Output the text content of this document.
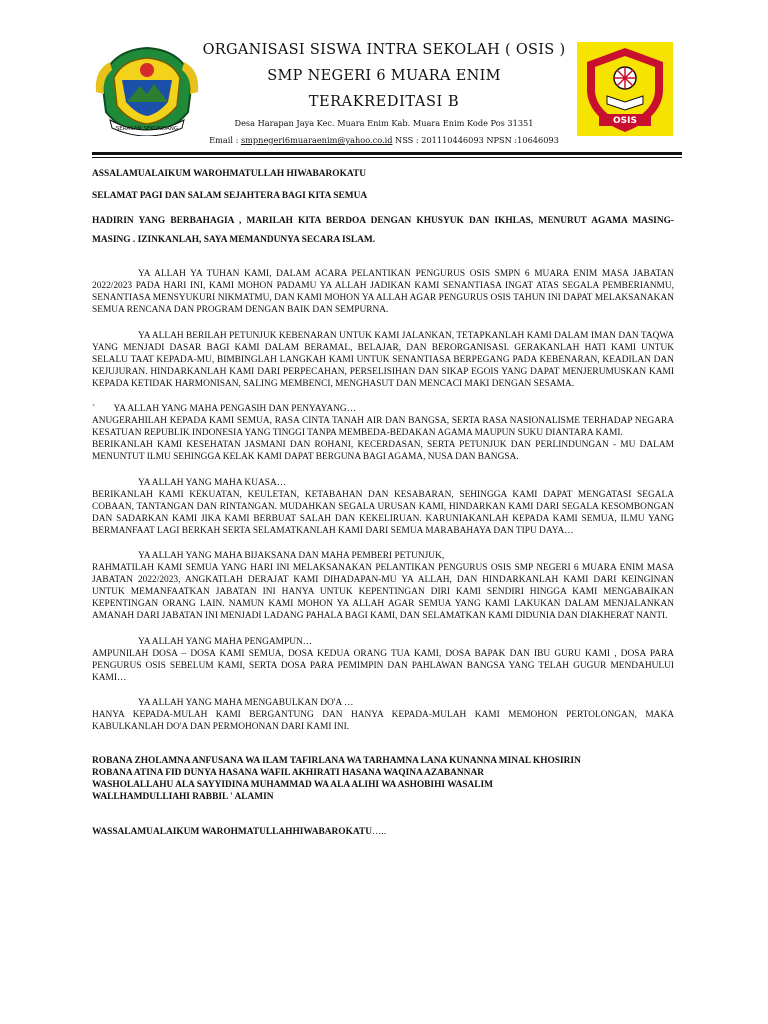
SERASAN SEKUNDANG
ORGANISASI SISWA INTRA SEKOLAH ( OSIS )
SMP NEGERI 6 MUARA ENIM
TERAKREDITASI B
Desa Harapan Jaya Kec. Muara Enim Kab. Muara Enim Kode Pos 31351
Email : smpnegeri6muaraenim@yahoo.co.id NSS : 201110446093 NPSN :10646093
OSIS

ASSALAMUALAIKUM WAROHMATULLAH HIWABAROKATU

SELAMAT PAGI DAN SALAM SEJAHTERA BAGI KITA SEMUA

HADIRIN YANG BERBAHAGIA , MARILAH KITA BERDOA DENGAN KHUSYUK DAN IKHLAS, MENURUT AGAMA MASING- MASING . IZINKANLAH, SAYA MEMANDUNYA SECARA ISLAM.

YA ALLAH YA TUHAN KAMI, DALAM ACARA PELANTIKAN PENGURUS OSIS SMPN 6 MUARA ENIM MASA JABATAN 2022/2023 PADA HARI INI, KAMI MOHON PADAMU YA ALLAH JADIKAN KAMI SENANTIASA INGAT ATAS SEGALA PEMBERIANMU, SENANTIASA MENSYUKURI NIKMATMU, DAN KAMI MOHON YA ALLAH AGAR PENGURUS OSIS TAHUN INI DAPAT MELAKSANAKAN SEMUA RENCANA DAN PROGRAM DENGAN BAIK DAN SEMPURNA.

YA ALLAH BERILAH PETUNJUK KEBENARAN UNTUK KAMI JALANKAN, TETAPKANLAH KAMI DALAM IMAN DAN TAQWA YANG MENJADI DASAR BAGI KAMI DALAM BERAMAL, BELAJAR, DAN BERORGANISASI. GERAKANLAH HATI KAMI UNTUK SELALU TAAT KEPADA-MU, BIMBINGLAH LANGKAH KAMI UNTUK SENANTIASA BERPEGANG PADA KEBENARAN, KEADILAN DAN KEJUJURAN. HINDARKANLAH KAMI DARI PERPECAHAN, PERSELISIHAN DAN SIKAP EGOIS YANG DAPAT MENJERUMUSKAN KAMI KEPADA KETIDAK HARMONISAN, SALING MEMBENCI, MENGHASUT DAN MENCACI MAKI DENGAN SESAMA.

`        YA ALLAH YANG MAHA PENGASIH DAN PENYAYANG…

ANUGERAHILAH KEPADA KAMI SEMUA, RASA CINTA TANAH AIR DAN BANGSA, SERTA RASA NASIONALISME TERHADAP NEGARA KESATUAN REPUBLIK INDONESIA YANG TINGGI TANPA MEMBEDA-BEDAKAN AGAMA MAUPUN SUKU DIANTARA KAMI.

BERIKANLAH KAMI KESEHATAN JASMANI DAN ROHANI, KECERDASAN, SERTA PETUNJUK DAN PERLINDUNGAN - MU DALAM MENUNTUT ILMU SEHINGGA KELAK KAMI DAPAT BERGUNA BAGI AGAMA, NUSA DAN BANGSA.

YA ALLAH YANG MAHA KUASA…

BERIKANLAH KAMI KEKUATAN, KEULETAN, KETABAHAN DAN KESABARAN, SEHINGGA KAMI DAPAT MENGATASI SEGALA COBAAN, TANTANGAN DAN RINTANGAN. MUDAHKAN SEGALA URUSAN KAMI, HINDARKAN KAMI DARI SEGALA KESOMBONGAN DAN SADARKAN KAMI JIKA KAMI BERBUAT SALAH DAN KEKELIRUAN. KARUNIAKANLAH KEPADA KAMI SEMUA, ILMU YANG BERMANFAAT LAGI BERKAH SERTA SELAMATKANLAH KAMI DARI SEMUA MARABAHAYA DAN TIPU DAYA…

YA ALLAH YANG MAHA BIJAKSANA DAN MAHA PEMBERI PETUNJUK,

RAHMATILAH KAMI SEMUA YANG HARI INI MELAKSANAKAN PELANTIKAN PENGURUS OSIS SMP NEGERI 6 MUARA ENIM MASA JABATAN 2022/2023, ANGKATLAH DERAJAT KAMI DIHADAPAN-MU YA ALLAH, DAN HINDARKANLAH KAMI DARI KEINGINAN UNTUK MEMANFAATKAN JABATAN INI HANYA UNTUK KEPENTINGAN DIRI KAMI SENDIRI HINGGA KAMI MENGABAIKAN KEPENTINGAN ORANG LAIN. NAMUN KAMI MOHON YA ALLAH AGAR SEMUA YANG KAMI LAKUKAN DALAM MENJALANKAN AMANAH DARI JABATAN INI MENJADI LADANG PAHALA BAGI KAMI, DAN SELAMATKAN KAMI DIDUNIA DAN DIAKHERAT NANTI.

YA ALLAH YANG MAHA PENGAMPUN…

AMPUNILAH DOSA – DOSA KAMI SEMUA, DOSA KEDUA ORANG TUA KAMI, DOSA BAPAK DAN IBU GURU KAMI , DOSA PARA PENGURUS OSIS SEBELUM KAMI, SERTA DOSA PARA PEMIMPIN DAN PAHLAWAN BANGSA YANG TELAH GUGUR MENDAHULUI KAMI…

YA ALLAH YANG MAHA MENGABULKAN DO'A …

HANYA KEPADA-MULAH KAMI BERGANTUNG DAN HANYA KEPADA-MULAH KAMI MEMOHON PERTOLONGAN, MAKA KABULKANLAH DO'A DAN PERMOHONAN DARI KAMI INI.

ROBANA ZHOLAMNA ANFUSANA WA ILAM TAFIRLANA WA TARHAMNA LANA KUNANNA MINAL KHOSIRIN

ROBANA ATINA FID DUNYA HASANA WAFIL AKHIRATI HASANA WAQINA AZABANNAR

WASHOLALLAHU ALA SAYYIDINA MUHAMMAD WA ALA ALIHI WA ASHOBIHI WASALIM

WALLHAMDULLIAHI RABBIL ' ALAMIN

WASSALAMUALAIKUM WAROHMATULLAHHIWABAROKATU…..
